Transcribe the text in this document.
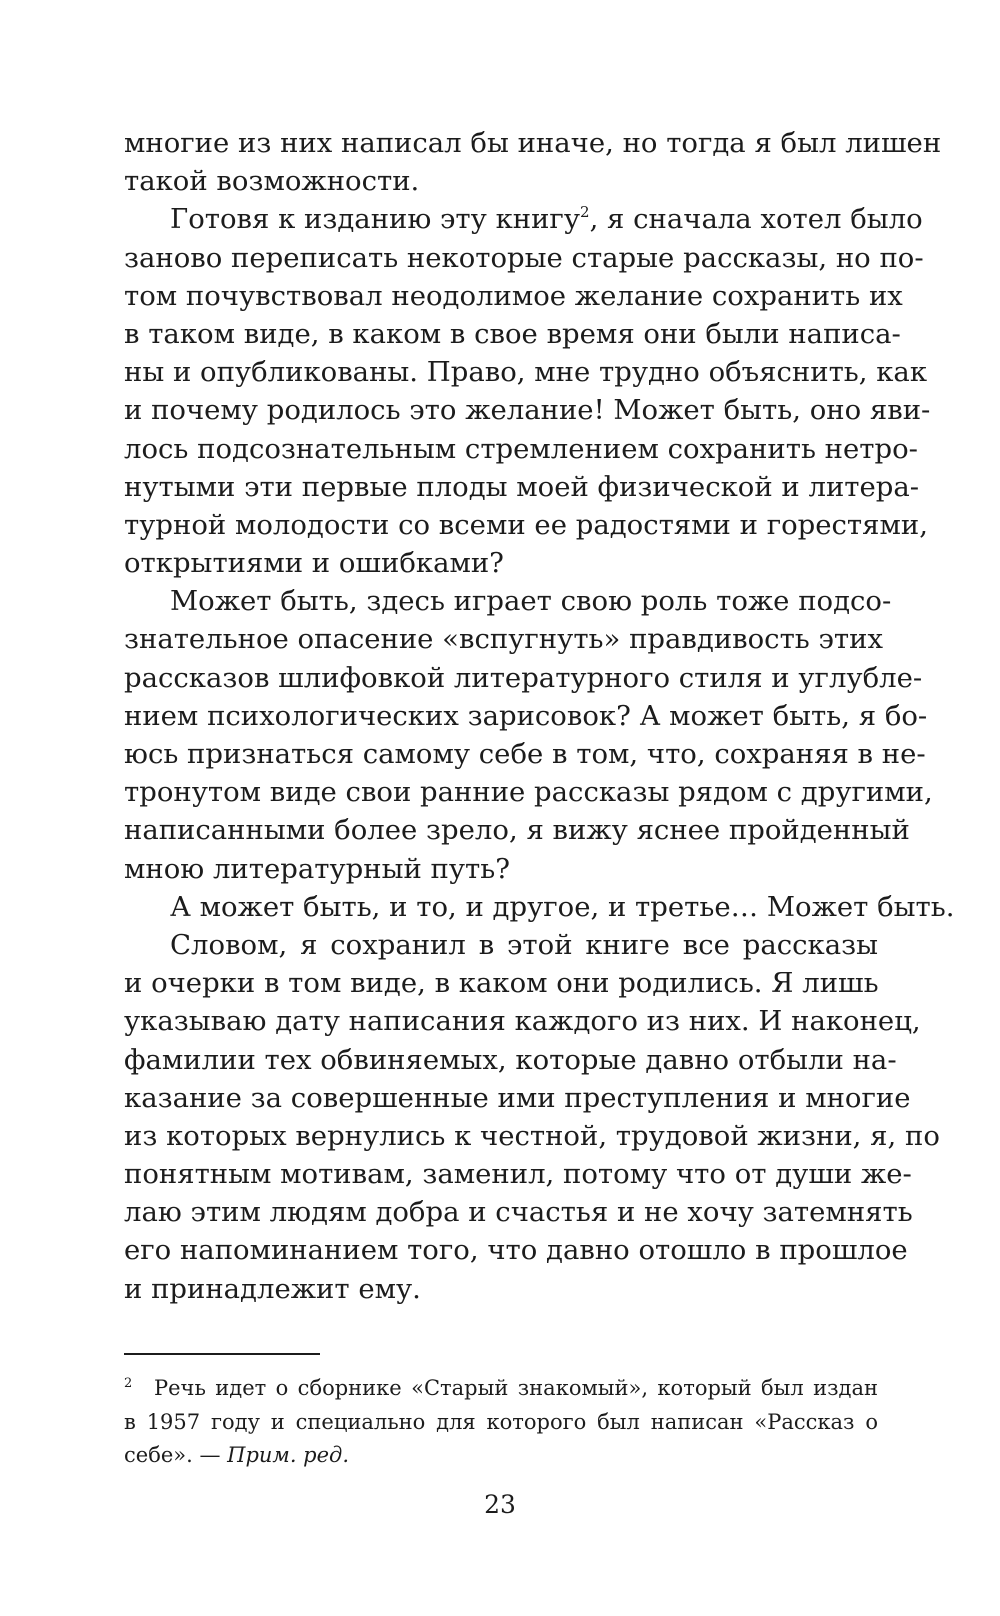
многие из них написал бы иначе, но тогда я был лишен
такой возможности.
Готовя к изданию эту книгу$^2$, я сначала хотел было
заново переписать некоторые старые рассказы, но по-
том почувствовал неодолимое желание сохранить их
в таком виде, в каком в свое время они были написа-
ны и опубликованы. Право, мне трудно объяснить, как
и почему родилось это желание! Может быть, оно яви-
лось подсознательным стремлением сохранить нетро-
нутыми эти первые плоды моей физической и литера-
турной молодости со всеми ее радостями и горестями,
открытиями и ошибками?
Может быть, здесь играет свою роль тоже подсо-
знательное опасение «вспугнуть» правдивость этих
рассказов шлифовкой литературного стиля и углубле-
нием психологических зарисовок? А может быть, я бо-
юсь признаться самому себе в том, что, сохраняя в не-
тронутом виде свои ранние рассказы рядом с другими,
написанными более зрело, я вижу яснее пройденный
мною литературный путь?
А может быть, и то, и другое, и третье… Может быть.
Словом, я сохранил в этой книге все рассказы
и очерки в том виде, в каком они родились. Я лишь
указываю дату написания каждого из них. И наконец,
фамилии тех обвиняемых, которые давно отбыли на-
казание за совершенные ими преступления и многие
из которых вернулись к честной, трудовой жизни, я, по
понятным мотивам, заменил, потому что от души же-
лаю этим людям добра и счастья и не хочу затемнять
его напоминанием того, что давно отошло в прошлое
и принадлежит ему.
2 Речь идет о сборнике «Старый знакомый», который был издан
в 1957 году и специально для которого был написан «Рассказ о
себе». — Прим. ред.
23
